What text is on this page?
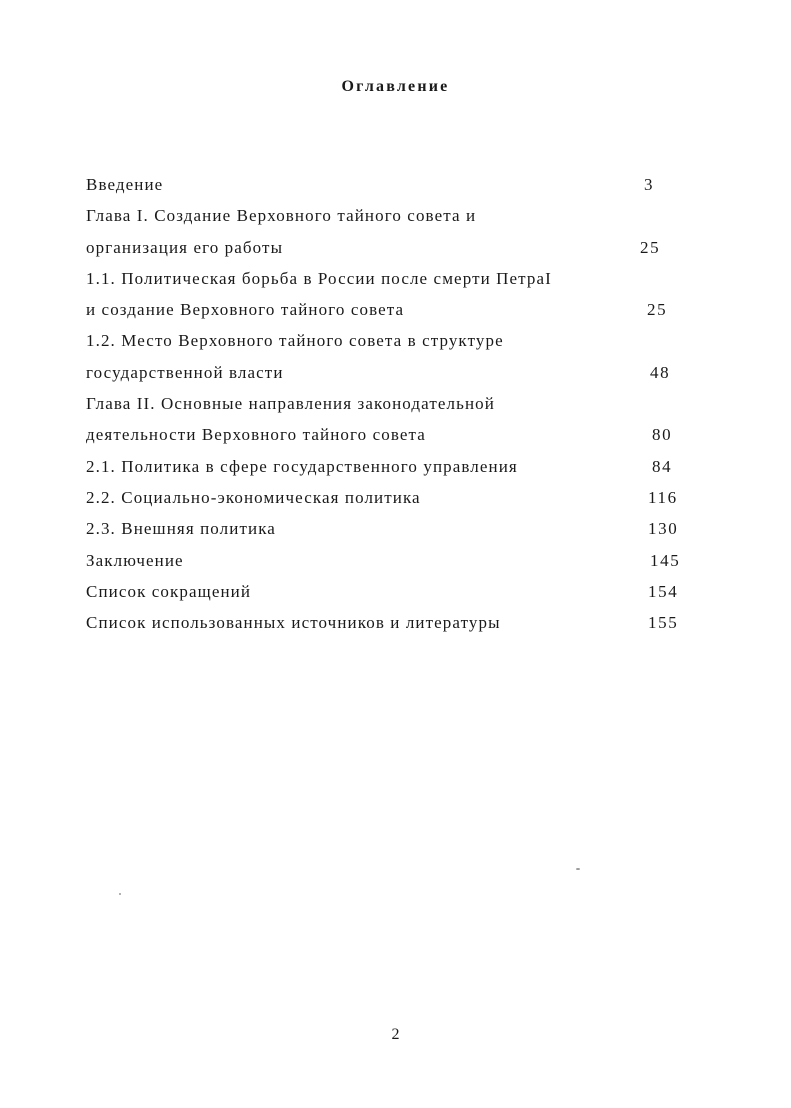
Оглавление
Введение	3
Глава I. Создание Верховного тайного совета и
организация его работы	25
1.1. Политическая борьба в России после смерти ПетраI
и создание Верховного тайного совета	25
1.2. Место Верховного тайного совета в структуре
государственной власти	48
Глава II. Основные направления законодательной
деятельности Верховного тайного совета	80
2.1. Политика в сфере государственного управления	84
2.2. Социально-экономическая политика	116
2.3. Внешняя политика	130
Заключение	145
Список сокращений	154
Список использованных источников и литературы	155
2
